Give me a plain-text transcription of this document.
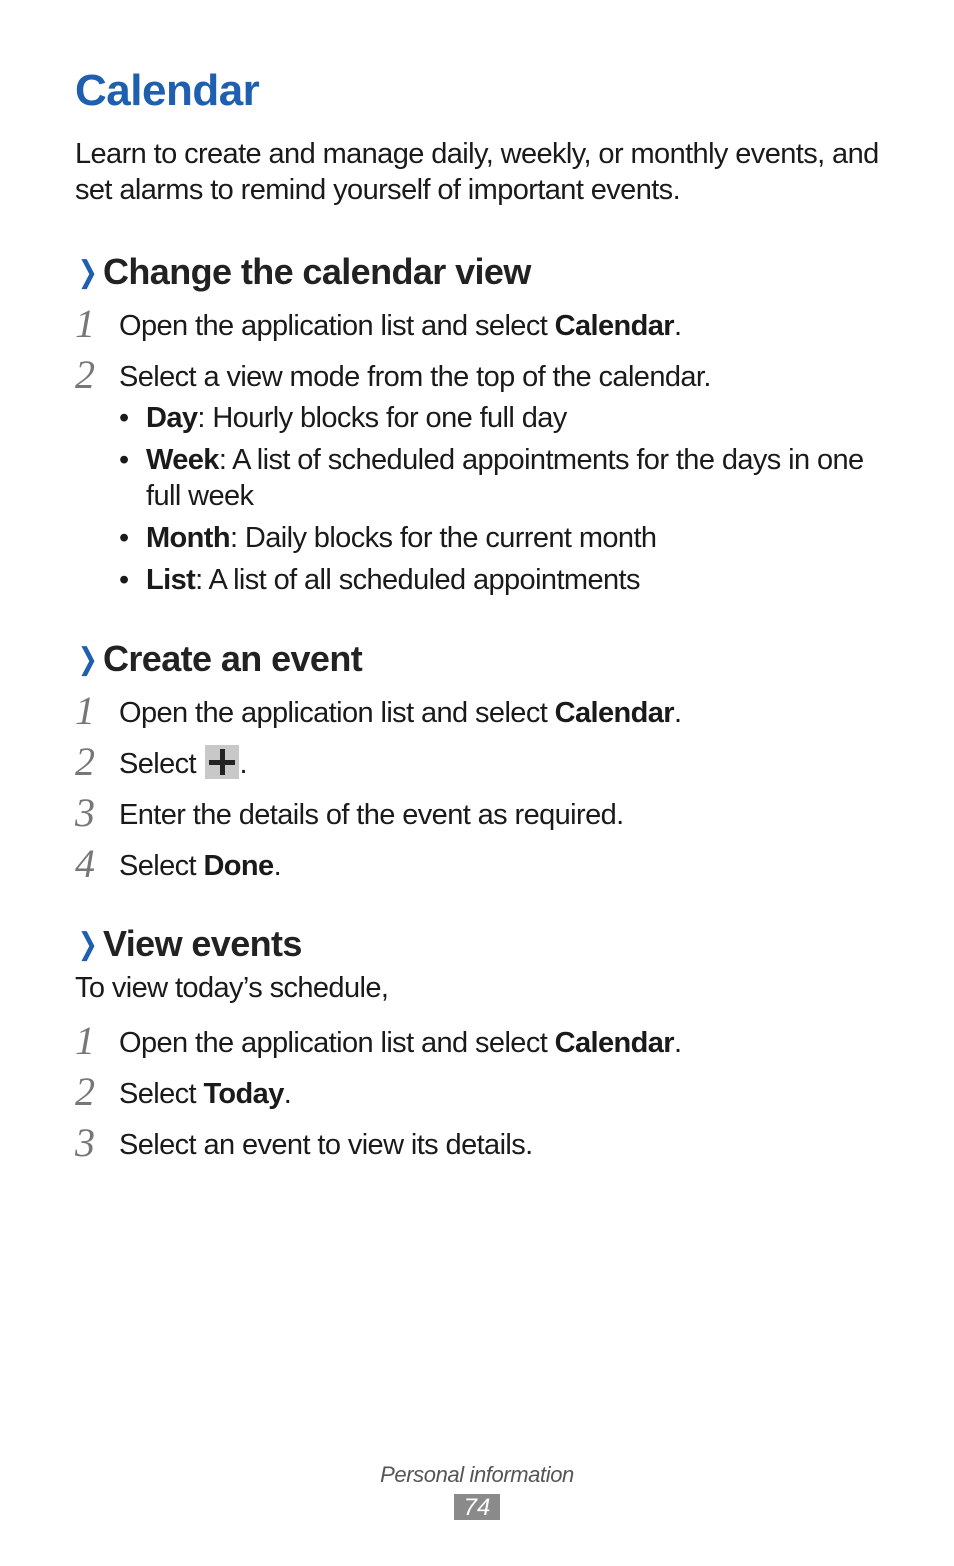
Calendar

Learn to create and manage daily, weekly, or monthly events, and set alarms to remind yourself of important events.

❯ Change the calendar view
1 Open the application list and select Calendar.
2 Select a view mode from the top of the calendar.
• Day: Hourly blocks for one full day
• Week: A list of scheduled appointments for the days in one full week
• Month: Daily blocks for the current month
• List: A list of all scheduled appointments
❯ Create an event
1 Open the application list and select Calendar.
2 Select .
3 Enter the details of the event as required.
4 Select Done.
❯ View events

To view today’s schedule,

1 Open the application list and select Calendar.
2 Select Today.
3 Select an event to view its details.
Personal information
74
